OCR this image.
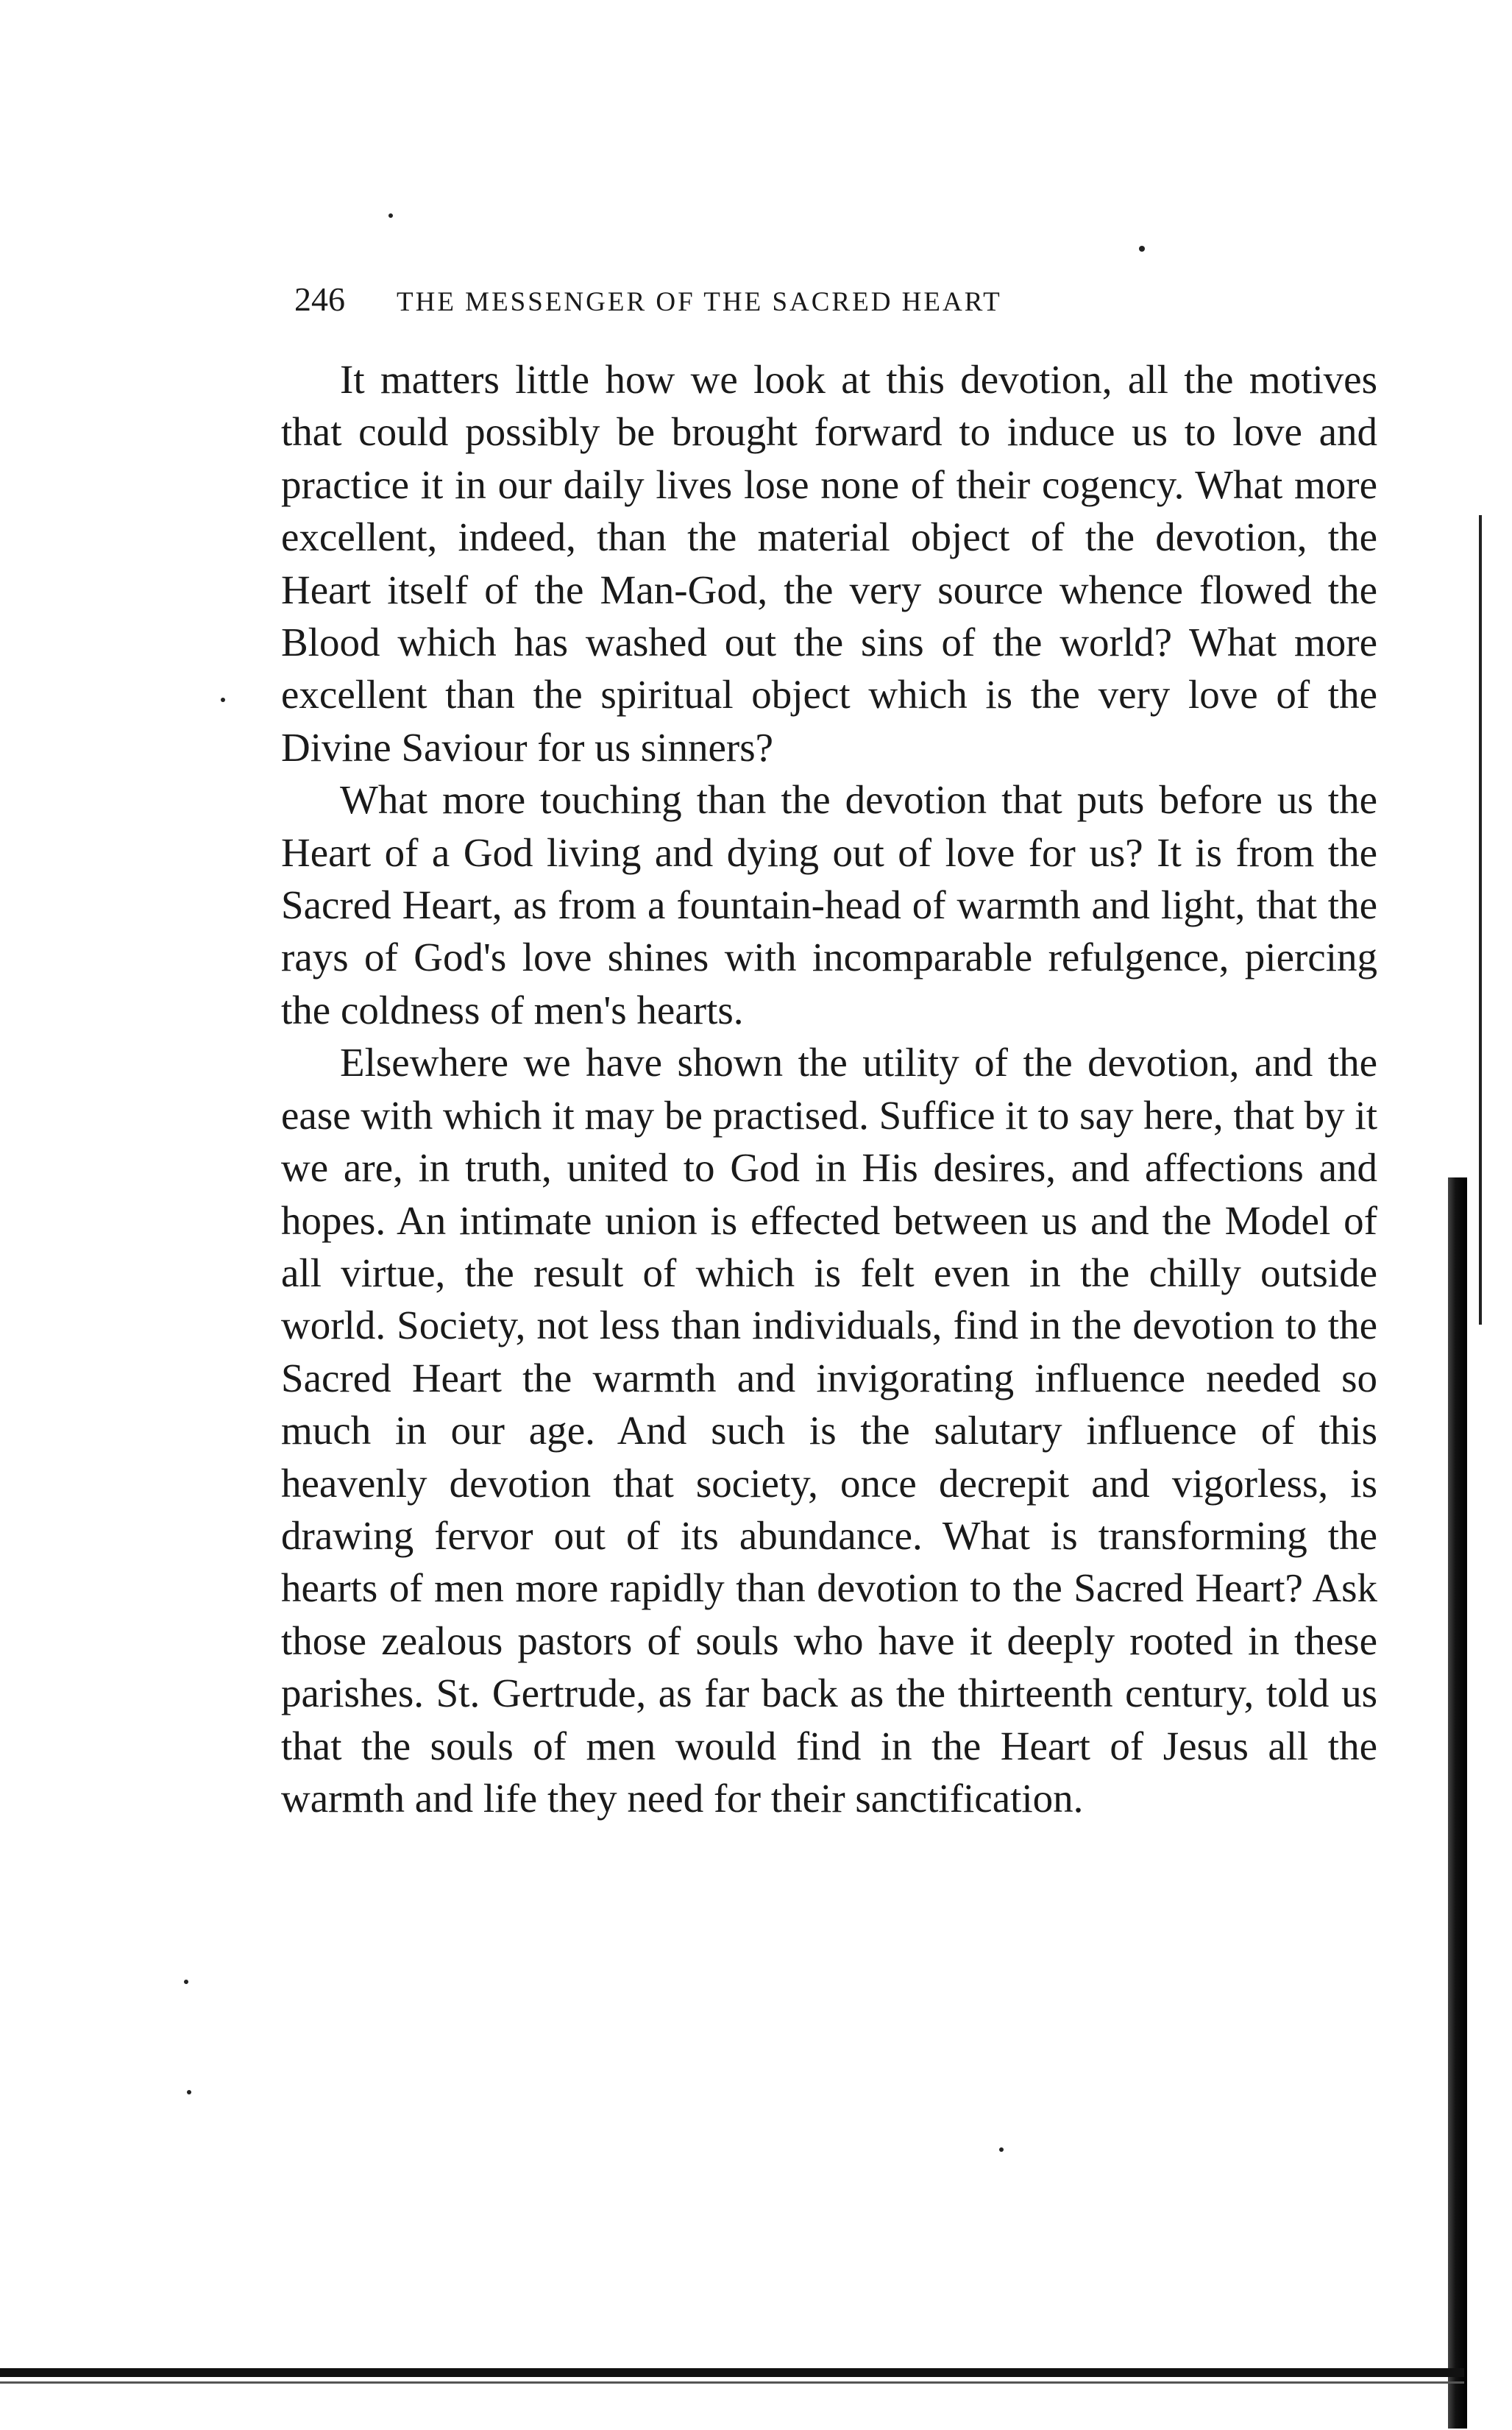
246 THE MESSENGER OF THE SACRED HEART

It matters little how we look at this devotion, all the motives that could possibly be brought forward to induce us to love and practice it in our daily lives lose none of their cogency. What more excellent, indeed, than the material object of the devotion, the Heart itself of the Man-God, the very source whence flowed the Blood which has washed out the sins of the world? What more excellent than the spiritual object which is the very love of the Divine Saviour for us sinners?

What more touching than the devotion that puts before us the Heart of a God living and dying out of love for us? It is from the Sacred Heart, as from a fountain-head of warmth and light, that the rays of God's love shines with incomparable refulgence, piercing the coldness of men's hearts.

Elsewhere we have shown the utility of the devotion, and the ease with which it may be practised. Suffice it to say here, that by it we are, in truth, united to God in His desires, and affections and hopes. An intimate union is effected between us and the Model of all virtue, the result of which is felt even in the chilly outside world. Society, not less than individuals, find in the devotion to the Sacred Heart the warmth and invigorating influence needed so much in our age. And such is the salutary influence of this heavenly devotion that society, once decrepit and vigorless, is drawing fervor out of its abundance. What is transforming the hearts of men more rapidly than devotion to the Sacred Heart? Ask those zealous pastors of souls who have it deeply rooted in these parishes. St. Gertrude, as far back as the thirteenth century, told us that the souls of men would find in the Heart of Jesus all the warmth and life they need for their sanctification.
